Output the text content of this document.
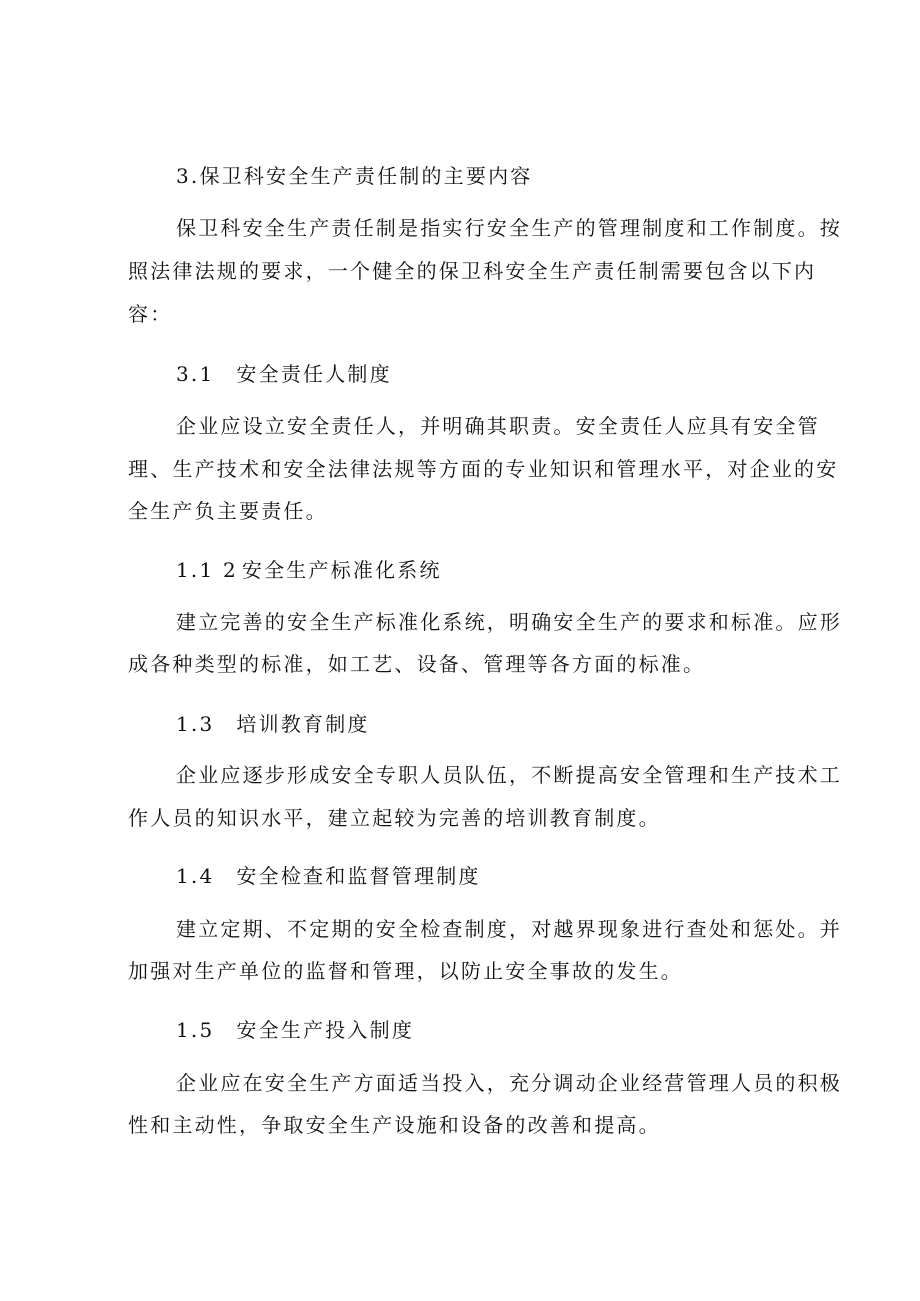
3.保卫科安全生产责任制的主要内容

保卫科安全生产责任制是指实行安全生产的管理制度和工作制度。按

照法律法规的要求，一个健全的保卫科安全生产责任制需要包含以下内

容：

3.1 安全责任人制度

企业应设立安全责任人，并明确其职责。安全责任人应具有安全管

理、生产技术和安全法律法规等方面的专业知识和管理水平，对企业的安

全生产负主要责任。

1.1 2 安全生产标准化系统

建立完善的安全生产标准化系统，明确安全生产的要求和标准。应形

成各种类型的标准，如工艺、设备、管理等各方面的标准。

1.3 培训教育制度

企业应逐步形成安全专职人员队伍，不断提高安全管理和生产技术工

作人员的知识水平，建立起较为完善的培训教育制度。

1.4 安全检查和监督管理制度

建立定期、不定期的安全检查制度，对越界现象进行查处和惩处。并

加强对生产单位的监督和管理，以防止安全事故的发生。

1.5 安全生产投入制度

企业应在安全生产方面适当投入，充分调动企业经营管理人员的积极

性和主动性，争取安全生产设施和设备的改善和提高。
